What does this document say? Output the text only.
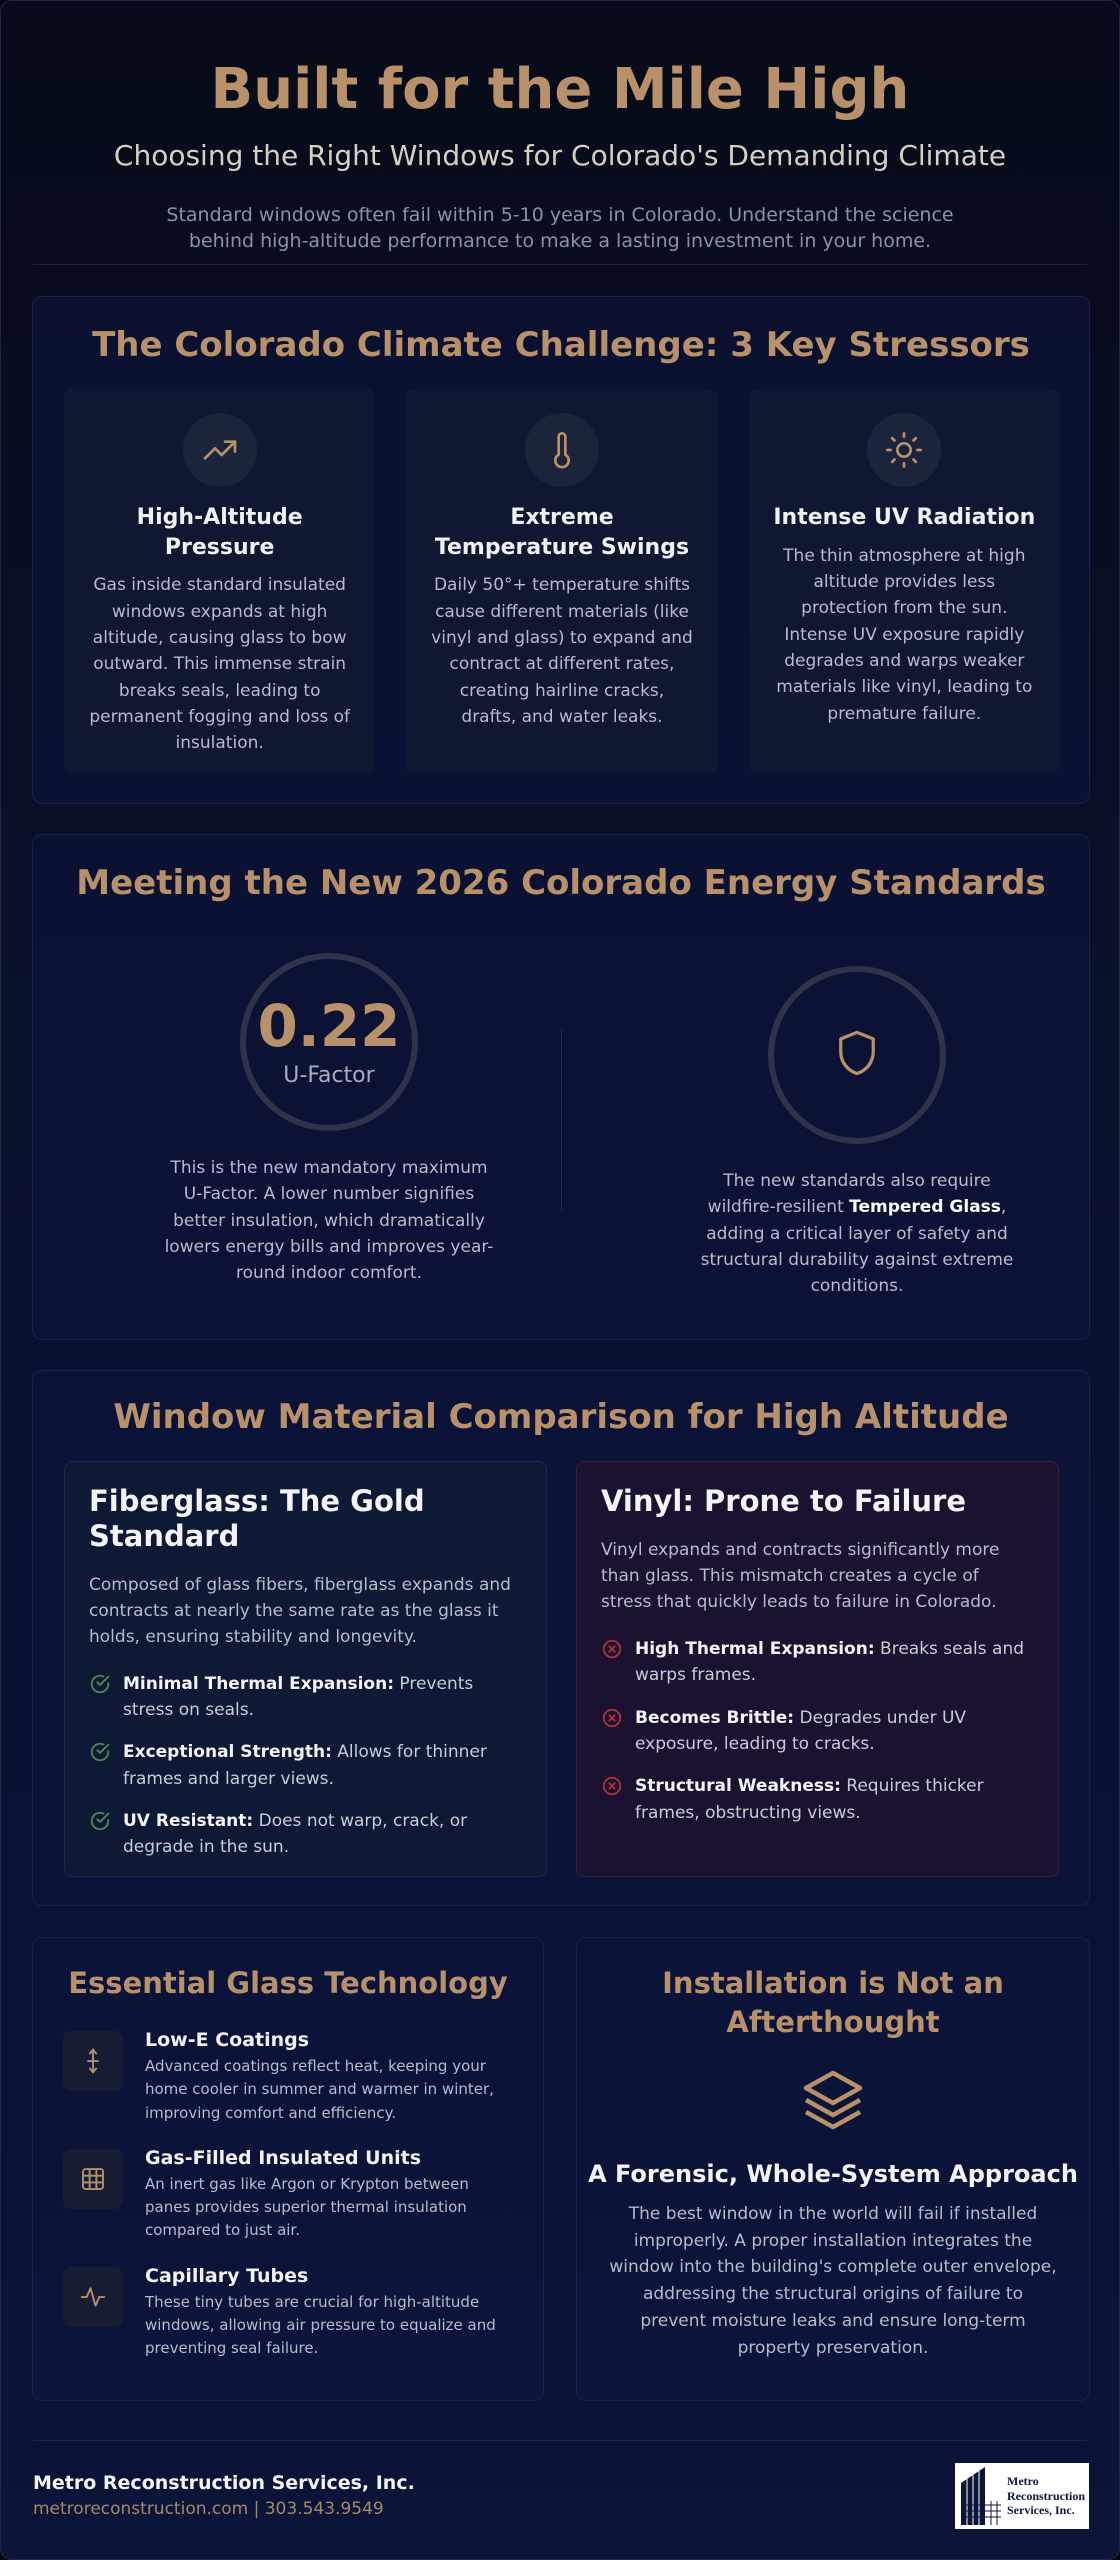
Built for the Mile High
Choosing the Right Windows for Colorado's Demanding Climate
Standard windows often fail within 5-10 years in Colorado. Understand the science behind high-altitude performance to make a lasting investment in your home.
The Colorado Climate Challenge: 3 Key Stressors
High-Altitude Pressure

Gas inside standard insulated windows expands at high altitude, causing glass to bow outward. This immense strain breaks seals, leading to permanent fogging and loss of insulation.

Extreme Temperature Swings

Daily 50°+ temperature shifts cause different materials (like vinyl and glass) to expand and contract at different rates, creating hairline cracks, drafts, and water leaks.

Intense UV Radiation

The thin atmosphere at high altitude provides less protection from the sun. Intense UV exposure rapidly degrades and warps weaker materials like vinyl, leading to premature failure.

Meeting the New 2026 Colorado Energy Standards
0.22
U-Factor
This is the new mandatory maximum U-Factor. A lower number signifies better insulation, which dramatically lowers energy bills and improves year-round indoor comfort.
The new standards also require wildfire-resilient Tempered Glass, adding a critical layer of safety and structural durability against extreme conditions.
Window Material Comparison for High Altitude
Fiberglass: The Gold Standard
Composed of glass fibers, fiberglass expands and contracts at nearly the same rate as the glass it holds, ensuring stability and longevity.
Minimal Thermal Expansion: Prevents stress on seals.
Exceptional Strength: Allows for thinner frames and larger views.
UV Resistant: Does not warp, crack, or degrade in the sun.
Vinyl: Prone to Failure
Vinyl expands and contracts significantly more than glass. This mismatch creates a cycle of stress that quickly leads to failure in Colorado.
High Thermal Expansion: Breaks seals and warps frames.
Becomes Brittle: Degrades under UV exposure, leading to cracks.
Structural Weakness: Requires thicker frames, obstructing views.
Essential Glass Technology
Low-E Coatings

Advanced coatings reflect heat, keeping your home cooler in summer and warmer in winter, improving comfort and efficiency.

Gas-Filled Insulated Units

An inert gas like Argon or Krypton between panes provides superior thermal insulation compared to just air.

Capillary Tubes

These tiny tubes are crucial for high-altitude windows, allowing air pressure to equalize and preventing seal failure.

Installation is Not an Afterthought
A Forensic, Whole-System Approach

The best window in the world will fail if installed improperly. A proper installation integrates the window into the building's complete outer envelope, addressing the structural origins of failure to prevent moisture leaks and ensure long-term property preservation.

Metro Reconstruction Services, Inc.
metroreconstruction.com | 303.543.9549
Metro
Reconstruction
Services, Inc.
